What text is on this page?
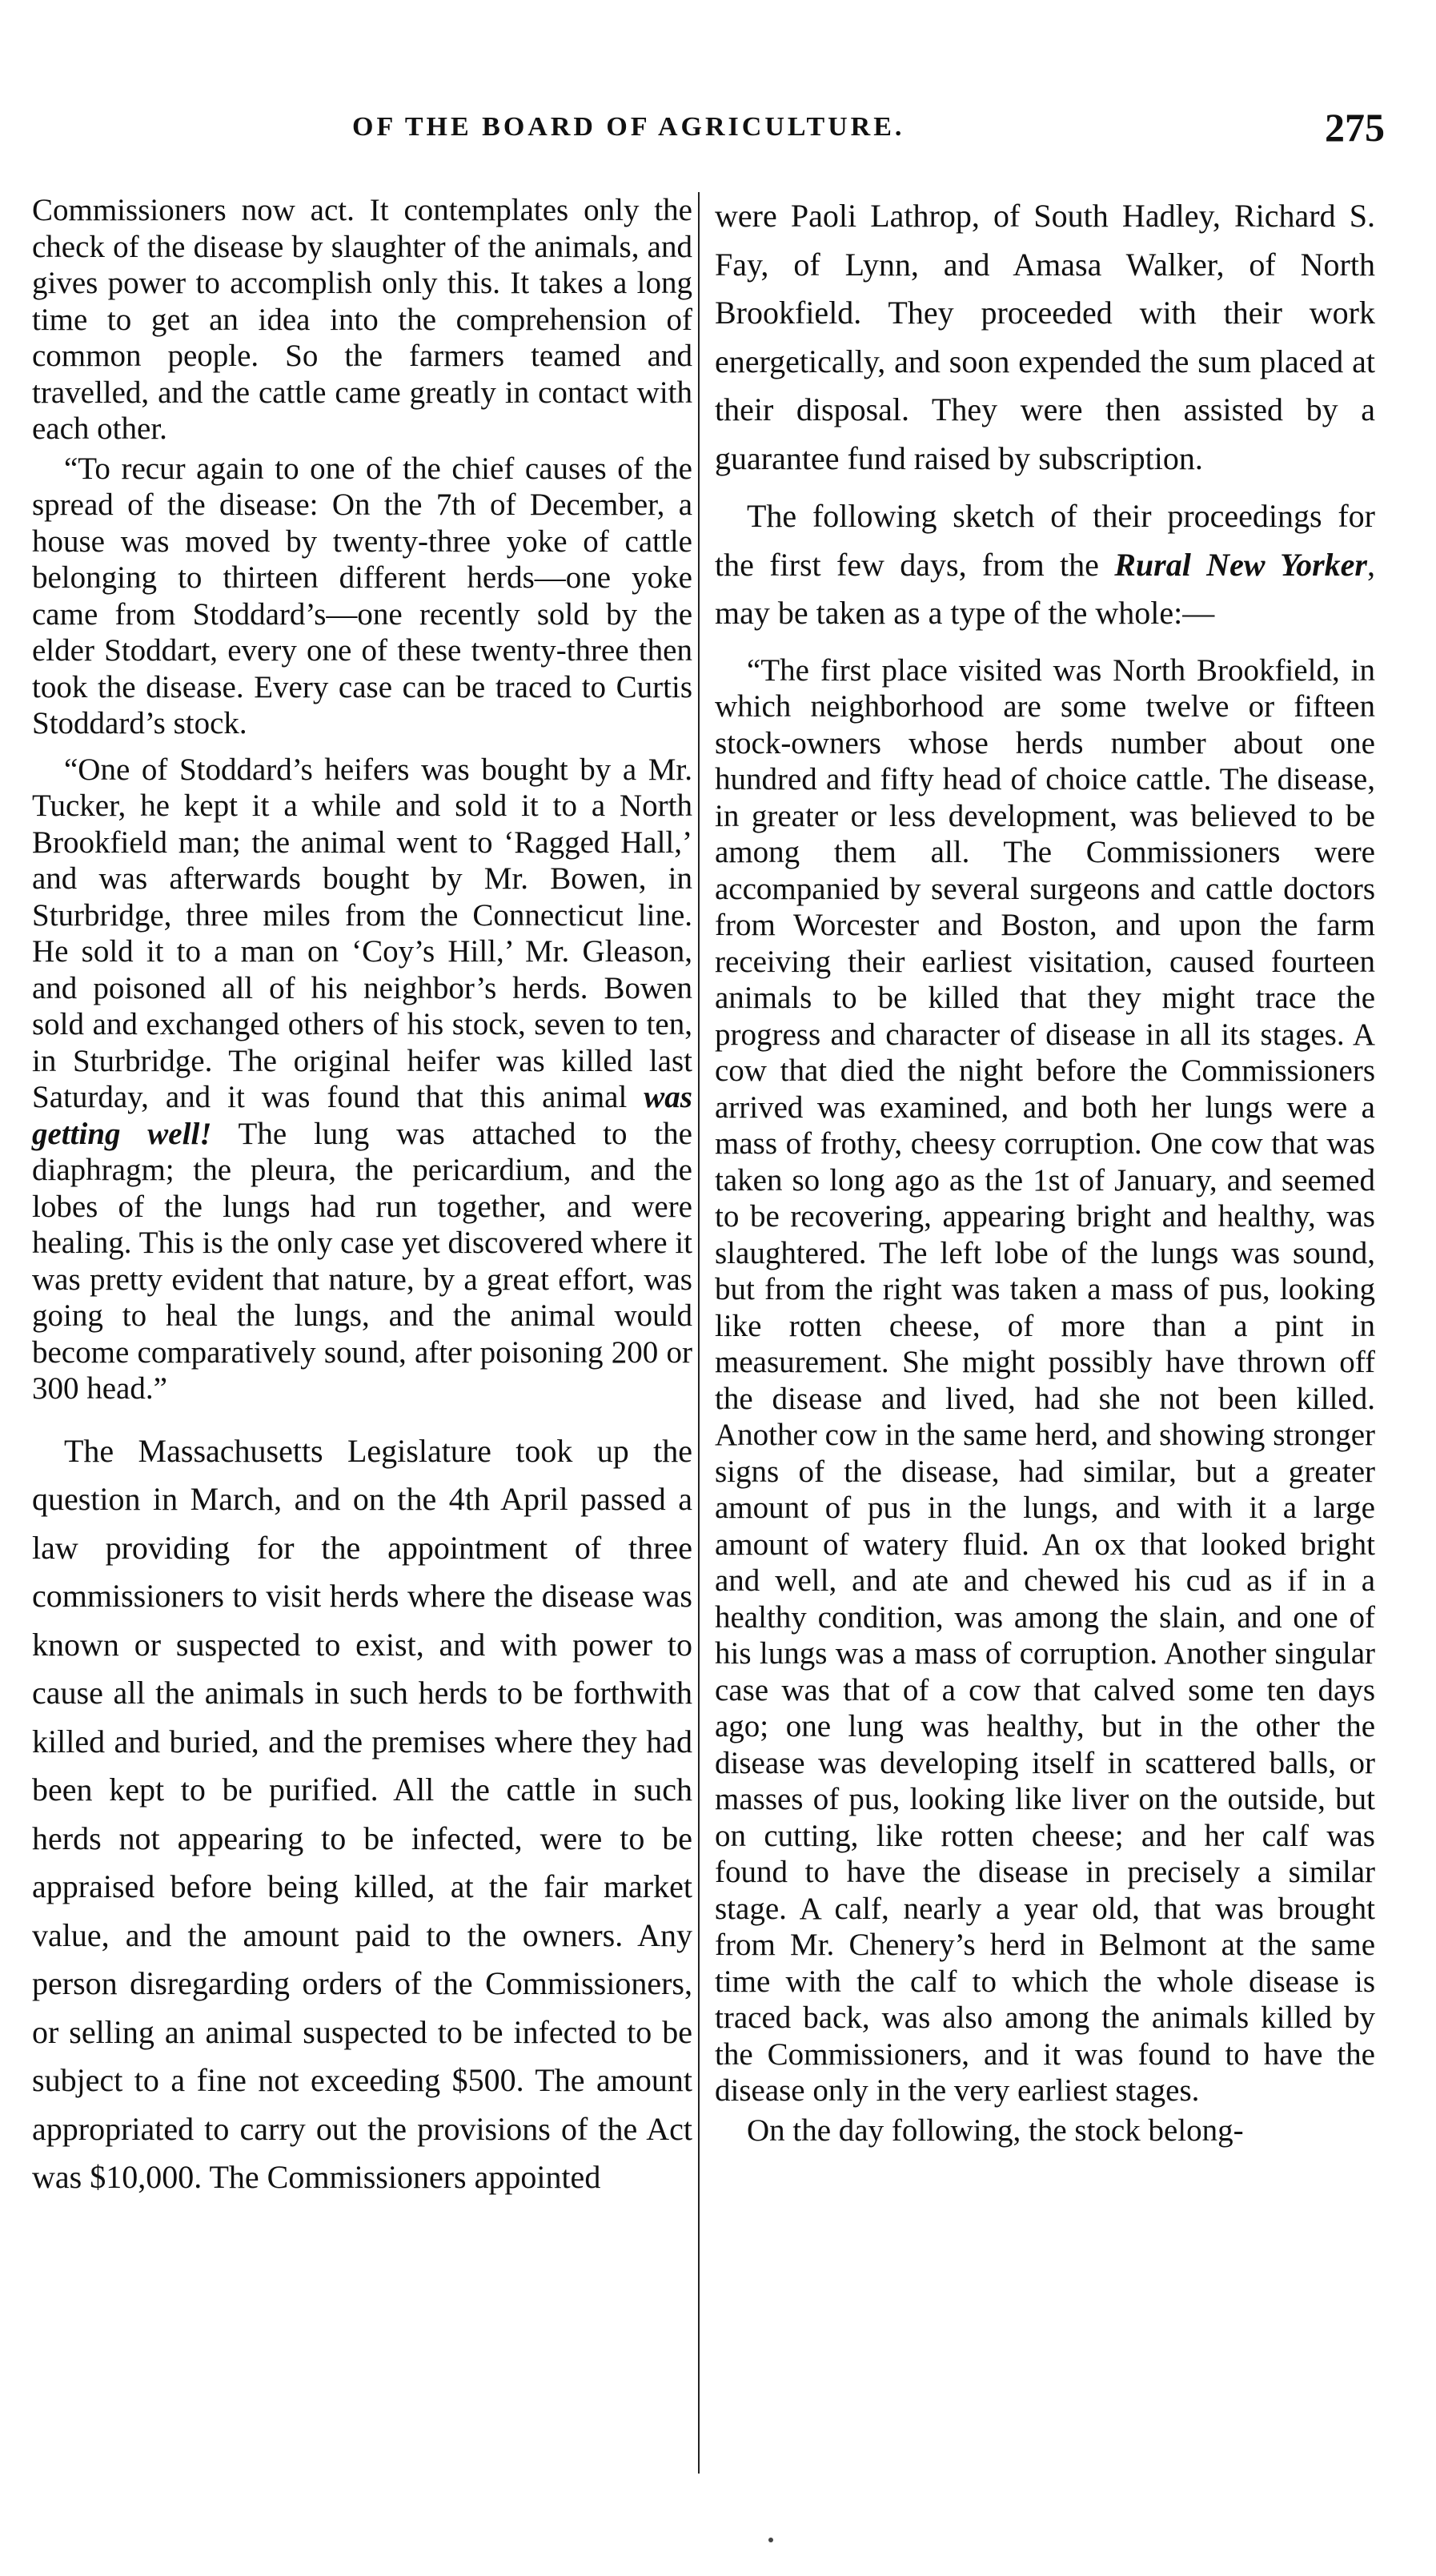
OF THE BOARD OF AGRICULTURE.	275

Commissioners now act. It contemplates only the check of the disease by slaughter of the animals, and gives power to accomplish only this. It takes a long time to get an idea into the comprehension of common people. So the farmers teamed and travelled, and the cattle came greatly in contact with each other.

“To recur again to one of the chief causes of the spread of the disease: On the 7th of December, a house was moved by twenty-three yoke of cattle belonging to thirteen different herds—one yoke came from Stoddard’s—one recently sold by the elder Stoddart, every one of these twenty-three then took the disease. Every case can be traced to Curtis Stoddard’s stock.

“One of Stoddard’s heifers was bought by a Mr. Tucker, he kept it a while and sold it to a North Brookfield man; the animal went to ‘Ragged Hall,’ and was afterwards bought by Mr. Bowen, in Sturbridge, three miles from the Connecticut line. He sold it to a man on ‘Coy’s Hill,’ Mr. Gleason, and poisoned all of his neighbor’s herds. Bowen sold and exchanged others of his stock, seven to ten, in Sturbridge. The original heifer was killed last Saturday, and it was found that this animal was getting well! The lung was attached to the diaphragm; the pleura, the pericardium, and the lobes of the lungs had run together, and were healing. This is the only case yet discovered where it was pretty evident that nature, by a great effort, was going to heal the lungs, and the animal would become comparatively sound, after poisoning 200 or 300 head.”

The Massachusetts Legislature took up the question in March, and on the 4th April passed a law providing for the appointment of three commissioners to visit herds where the disease was known or suspected to exist, and with power to cause all the animals in such herds to be forthwith killed and buried, and the premises where they had been kept to be purified. All the cattle in such herds not appearing to be infected, were to be appraised before being killed, at the fair market value, and the amount paid to the owners. Any person disregarding orders of the Commissioners, or selling an animal suspected to be infected to be subject to a fine not exceeding $500. The amount appropriated to carry out the provisions of the Act was $10,000. The Commissioners appointed

were Paoli Lathrop, of South Hadley, Richard S. Fay, of Lynn, and Amasa Walker, of North Brookfield. They proceeded with their work energetically, and soon expended the sum placed at their disposal. They were then assisted by a guarantee fund raised by subscription.

The following sketch of their proceedings for the first few days, from the Rural New Yorker, may be taken as a type of the whole:—

“The first place visited was North Brookfield, in which neighborhood are some twelve or fifteen stock-owners whose herds number about one hundred and fifty head of choice cattle. The disease, in greater or less development, was believed to be among them all. The Commissioners were accompanied by several surgeons and cattle doctors from Worcester and Boston, and upon the farm receiving their earliest visitation, caused fourteen animals to be killed that they might trace the progress and character of disease in all its stages. A cow that died the night before the Commissioners arrived was examined, and both her lungs were a mass of frothy, cheesy corruption. One cow that was taken so long ago as the 1st of January, and seemed to be recovering, appearing bright and healthy, was slaughtered. The left lobe of the lungs was sound, but from the right was taken a mass of pus, looking like rotten cheese, of more than a pint in measurement. She might possibly have thrown off the disease and lived, had she not been killed. Another cow in the same herd, and showing stronger signs of the disease, had similar, but a greater amount of pus in the lungs, and with it a large amount of watery fluid. An ox that looked bright and well, and ate and chewed his cud as if in a healthy condition, was among the slain, and one of his lungs was a mass of corruption. Another singular case was that of a cow that calved some ten days ago; one lung was healthy, but in the other the disease was developing itself in scattered balls, or masses of pus, looking like liver on the outside, but on cutting, like rotten cheese; and her calf was found to have the disease in precisely a similar stage. A calf, nearly a year old, that was brought from Mr. Chenery’s herd in Belmont at the same time with the calf to which the whole disease is traced back, was also among the animals killed by the Commissioners, and it was found to have the disease only in the very earliest stages.

On the day following, the stock belong-
